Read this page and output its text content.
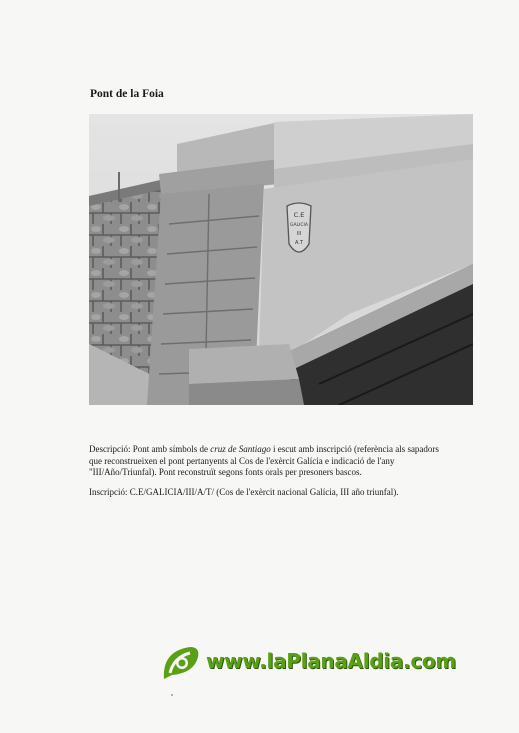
Pont de la Foia
C.E
GALICIA
III
A.T

Descripció: Pont amb símbols de cruz de Santiago i escut amb inscripció (referència als sapadors que reconstrueixen el pont pertanyents al Cos de l'exèrcit Galícia e indicació de l'any "III/Año/Triunfal). Pont reconstruït segons fonts orals per presoners bascos.

Inscripció: C.E/GALICIA/III/A/T/ (Cos de l'exèrcit nacional Galícia, III año triunfal).

www.laPlanaAldia.com
